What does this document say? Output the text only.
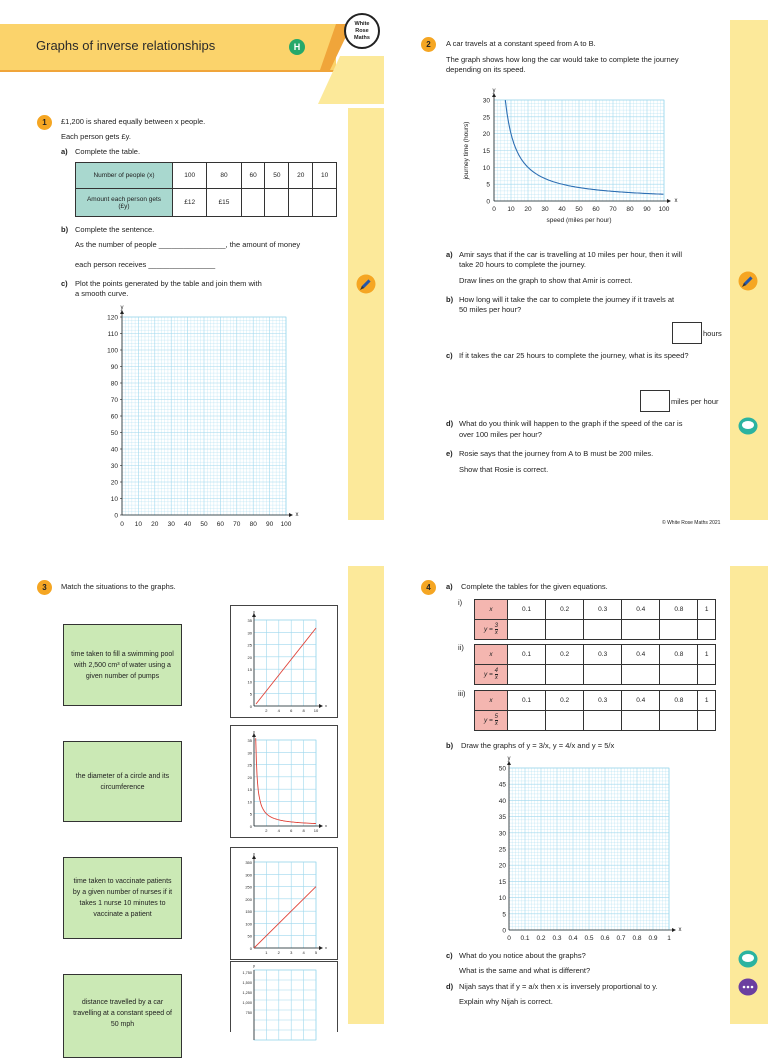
Graphs of inverse relationships	H
White
Rose
Maths
1	£1,200 is shared equally between x people.
Each person gets £y.
a) Complete the table.
Number of people (x)	100	80	60	50	20	10
Amount each person gets (£y)	£12	£15				
b) Complete the sentence.
As the number of people ________________, the amount of money
each person receives ________________
c) Plot the points generated by the table and join them with
a smooth curve.
0
10
20
30
40
50
60
70
80
90
100
110
120
0 10 20 30 40 50 60 70 80 90 100
x
y
2	A car travels at a constant speed from A to B.
The graph shows how long the car would take to complete the journey
depending on its speed.
0
5
10
15
20
25
30
0 10 20 30 40 50 60 70 80 90 100
speed (miles per hour)
journey time (hours)
x
y
a) Amir says that if the car is travelling at 10 miles per hour, then it will
take 20 hours to complete the journey.
Draw lines on the graph to show that Amir is correct.
b) How long will it take the car to complete the journey if it travels at
50 miles per hour?
hours
c) If it takes the car 25 hours to complete the journey, what is its speed?
miles per hour
d) What do you think will happen to the graph if the speed of the car is
over 100 miles per hour?
e) Rosie says that the journey from A to B must be 200 miles.
Show that Rosie is correct.
© White Rose Maths 2021
3	Match the situations to the graphs.
time taken to fill a swimming pool with 2,500 cm³ of water using a given number of pumps
the diameter of a circle and its circumference
time taken to vaccinate patients by a given number of nurses if it takes 1 nurse 10 minutes to vaccinate a patient
distance travelled by a car travelling at a constant speed of 50 mph
0
5
10
15
20
25
30
35
2	4	6	8 10
y
x
0
5
10
15
20
25
30
35
2	4	6	8 10
y
x
0
50
100
150
200
250
300
350
1	2	3	4	5
y
x
y
1,750
1,500
1,250
1,000
750
4	a) Complete the tables for the given equations.
i)
x	0.1	0.2	0.3	0.4	0.8	1
$y = \frac{3}{x}$

ii)
x	0.1	0.2	0.3	0.4	0.8	1
$y = \frac{4}{x}$

iii)
x	0.1	0.2	0.3	0.4	0.8	1
$y = \frac{5}{x}$

b) Draw the graphs of y = 3/x, y = 4/x and y = 5/x
0
5
10
15
20
25
30
35
40
45
50
0 0.1 0.2 0.3 0.4 0.5 0.6 0.7 0.8 0.9 1
x
y
c) What do you notice about the graphs?
What is the same and what is different?
d) Nijah says that if y = a/x then x is inversely proportional to y.
Explain why Nijah is correct.
